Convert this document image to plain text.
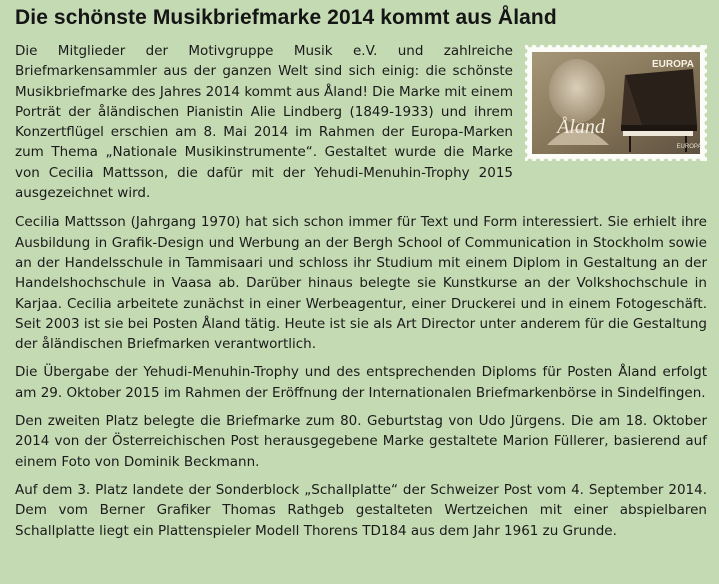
Die schönste Musikbriefmarke 2014 kommt aus Åland
EUROPA
Åland
EUROPA

Die Mitglieder der Motivgruppe Musik e.V. und zahlreiche Briefmarkensammler aus der ganzen Welt sind sich einig: die schönste Musikbriefmarke des Jahres 2014 kommt aus Åland! Die Marke mit einem Porträt der åländischen Pianistin Alie Lindberg (1849-1933) und ihrem Konzertflügel erschien am 8. Mai 2014 im Rahmen der Europa-Marken zum Thema „Nationale Musikinstrumente“. Gestaltet wurde die Marke von Cecilia Mattsson, die dafür mit der Yehudi-Menuhin-Trophy 2015 ausgezeichnet wird.

Cecilia Mattsson (Jahrgang 1970) hat sich schon immer für Text und Form interessiert. Sie erhielt ihre Ausbildung in Grafik-Design und Werbung an der Bergh School of Communication in Stockholm sowie an der Handelsschule in Tammisaari und schloss ihr Studium mit einem Diplom in Gestaltung an der Handelshochschule in Vaasa ab. Darüber hinaus belegte sie Kunstkurse an der Volkshochschule in Karjaa. Cecilia arbeitete zunächst in einer Werbeagentur, einer Druckerei und in einem Fotogeschäft. Seit 2003 ist sie bei Posten Åland tätig. Heute ist sie als Art Director unter anderem für die Gestaltung der åländischen Briefmarken verantwortlich.

Die Übergabe der Yehudi-Menuhin-Trophy und des entsprechenden Diploms für Posten Åland erfolgt am 29. Oktober 2015 im Rahmen der Eröffnung der Internationalen Briefmarkenbörse in Sindelfingen.

Den zweiten Platz belegte die Briefmarke zum 80. Geburtstag von Udo Jürgens. Die am 18. Oktober 2014 von der Österreichischen Post herausgegebene Marke gestaltete Marion Füllerer, basierend auf einem Foto von Dominik Beckmann.

Auf dem 3. Platz landete der Sonderblock „Schallplatte“ der Schweizer Post vom 4. September 2014. Dem vom Berner Grafiker Thomas Rathgeb gestalteten Wertzeichen mit einer abspielbaren Schallplatte liegt ein Plattenspieler Modell Thorens TD184 aus dem Jahr 1961 zu Grunde.
